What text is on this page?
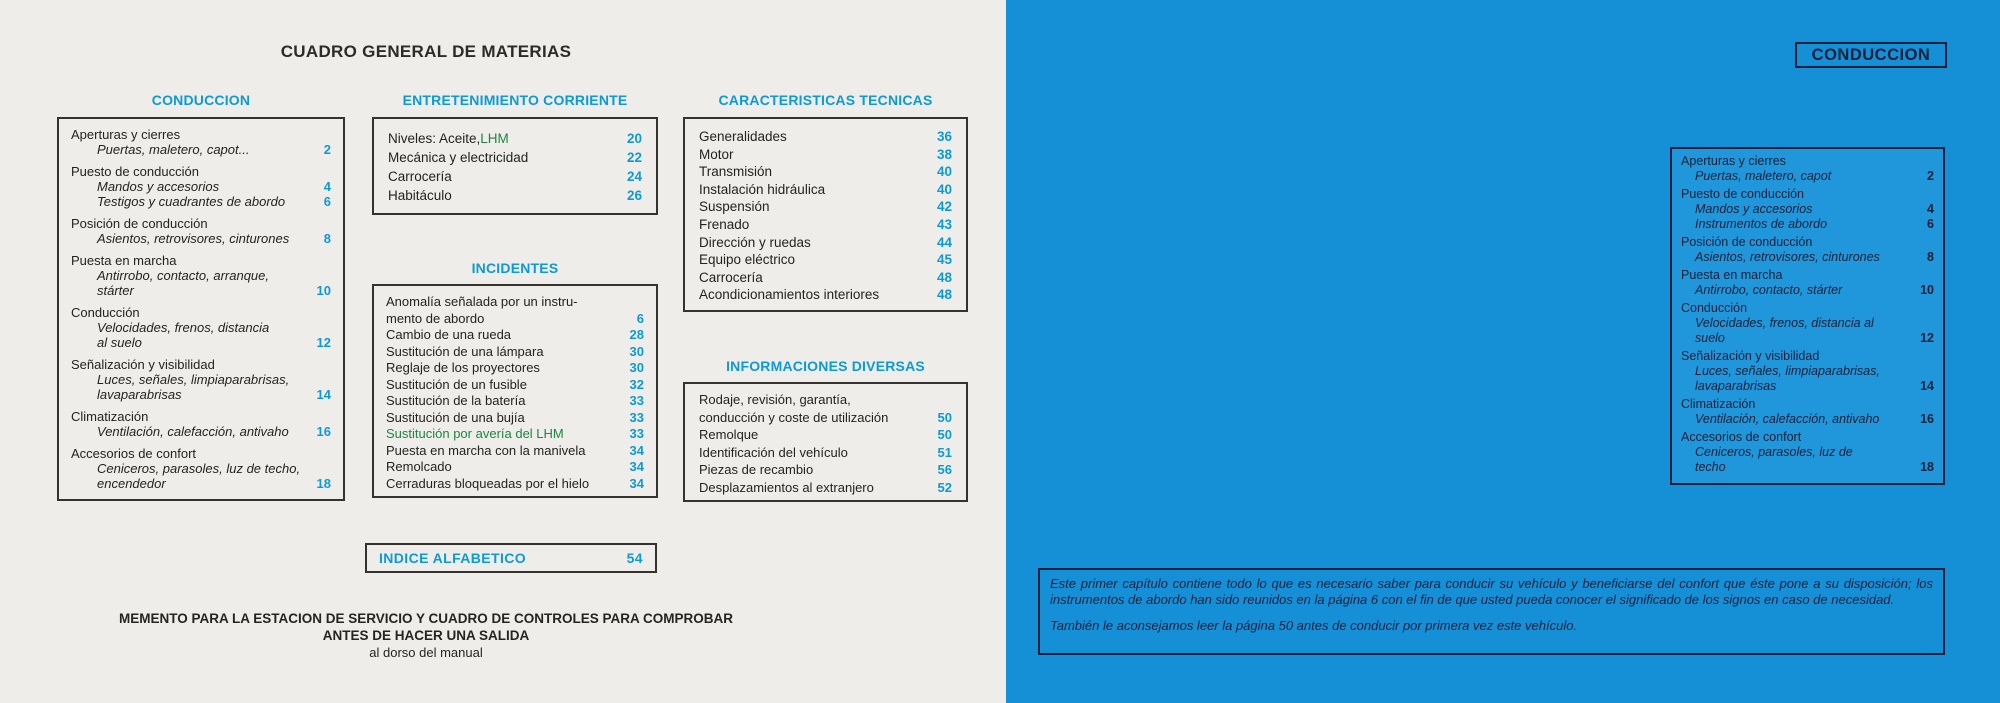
CUADRO GENERAL DE MATERIAS
CONDUCCION
Aperturas y cierres
Puertas, maletero, capot...	2
Puesto de conducción
Mandos y accesorios	4
Testigos y cuadrantes de abordo	6
Posición de conducción
Asientos, retrovisores, cinturones	8
Puesta en marcha
Antirrobo, contacto, arranque,
stárter	10
Conducción
Velocidades, frenos, distancia
al suelo	12
Señalización y visibilidad
Luces, señales, limpiaparabrisas,
lavaparabrisas	14
Climatización
Ventilación, calefacción, antivaho	16
Accesorios de confort
Ceniceros, parasoles, luz de techo,
encendedor	18
ENTRETENIMIENTO CORRIENTE
Niveles: Aceite,LHM	20
Mecánica y electricidad	22
Carrocería	24
Habitáculo	26
INCIDENTES
Anomalía señalada por un instru-
mento de abordo	6
Cambio de una rueda	28
Sustitución de una lámpara	30
Reglaje de los proyectores	30
Sustitución de un fusible	32
Sustitución de la batería	33
Sustitución de una bujía	33
Sustitución por avería del LHM	33
Puesta en marcha con la manivela	34
Remolcado	34
Cerraduras bloqueadas por el hielo	34
CARACTERISTICAS TECNICAS
Generalidades	36
Motor	38
Transmisión	40
Instalación hidráulica	40
Suspensión	42
Frenado	43
Dirección y ruedas	44
Equipo eléctrico	45
Carrocería	48
Acondicionamientos interiores	48
INFORMACIONES DIVERSAS
Rodaje, revisión, garantía,
conducción y coste de utilización	50
Remolque	50
Identificación del vehículo	51
Piezas de recambio	56
Desplazamientos al extranjero	52
INDICE ALFABETICO	54
MEMENTO PARA LA ESTACION DE SERVICIO Y CUADRO DE CONTROLES PARA COMPROBAR
ANTES DE HACER UNA SALIDA
al dorso del manual
CONDUCCION
Aperturas y cierres
Puertas, maletero, capot	2
Puesto de conducción
Mandos y accesorios	4
Instrumentos de abordo	6
Posición de conducción
Asientos, retrovisores, cinturones	8
Puesta en marcha
Antirrobo, contacto, stárter	10
Conducción
Velocidades, frenos, distancia al
suelo	12
Señalización y visibilidad
Luces, señales, limpiaparabrisas,
lavaparabrisas	14
Climatización
Ventilación, calefacción, antivaho	16
Accesorios de confort
Ceniceros, parasoles, luz de
techo	18
Este primer capítulo contiene todo lo que es necesario saber para conducir su vehículo y beneficiarse del confort que éste pone a su disposición; los instrumentos de abordo han sido reunidos en la página 6 con el fin de que usted pueda conocer el significado de los signos en caso de necesidad.
También le aconsejamos leer la página 50 antes de conducir por primera vez este vehículo.
